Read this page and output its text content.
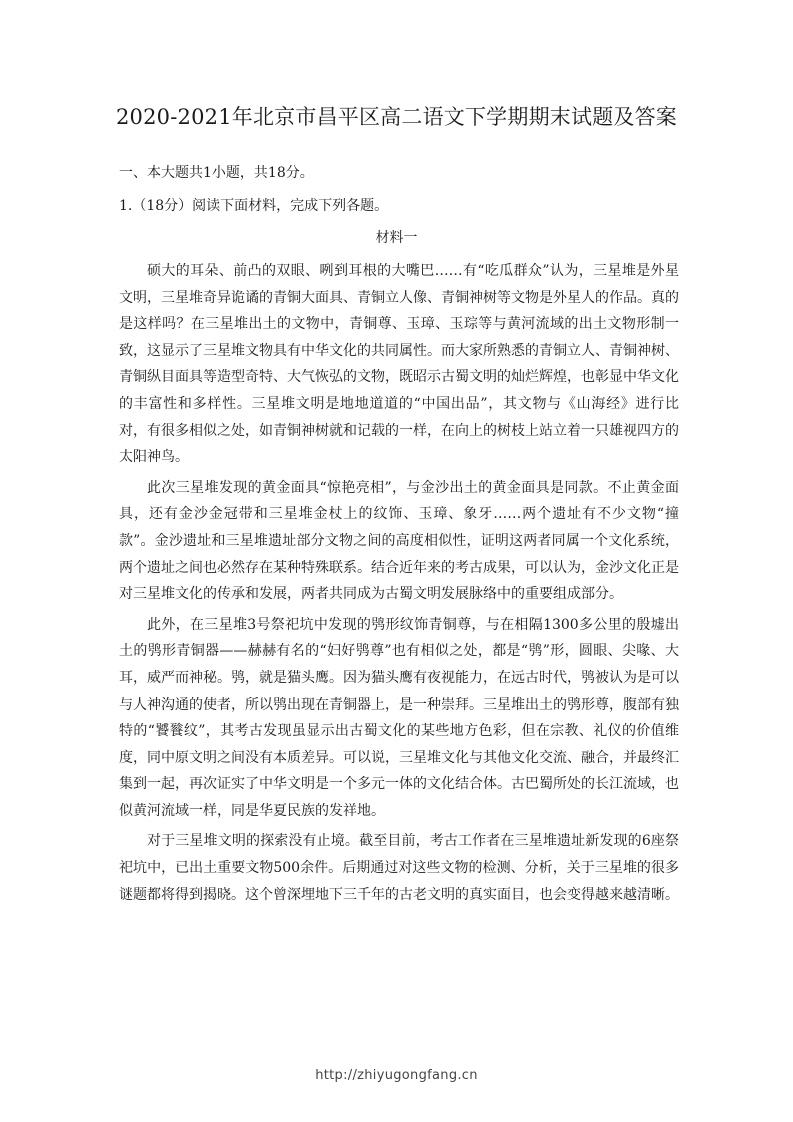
2020-2021年北京市昌平区高二语文下学期期末试题及答案
一、本大题共1小题，共18分。
1.（18分）阅读下面材料，完成下列各题。
材料一

硕大的耳朵、前凸的双眼、咧到耳根的大嘴巴……有“吃瓜群众”认为，三星堆是外星文明，三星堆奇异诡谲的青铜大面具、青铜立人像、青铜神树等文物是外星人的作品。真的是这样吗？在三星堆出土的文物中，青铜尊、玉璋、玉琮等与黄河流域的出土文物形制一致，这显示了三星堆文物具有中华文化的共同属性。而大家所熟悉的青铜立人、青铜神树、青铜纵目面具等造型奇特、大气恢弘的文物，既昭示古蜀文明的灿烂辉煌，也彰显中华文化的丰富性和多样性。三星堆文明是地地道道的“中国出品”，其文物与《山海经》进行比对，有很多相似之处，如青铜神树就和记载的一样，在向上的树枝上站立着一只雄视四方的太阳神鸟。

此次三星堆发现的黄金面具“惊艳亮相”，与金沙出土的黄金面具是同款。不止黄金面具，还有金沙金冠带和三星堆金杖上的纹饰、玉璋、象牙……两个遗址有不少文物“撞款”。金沙遗址和三星堆遗址部分文物之间的高度相似性，证明这两者同属一个文化系统，两个遗址之间也必然存在某种特殊联系。结合近年来的考古成果，可以认为，金沙文化正是对三星堆文化的传承和发展，两者共同成为古蜀文明发展脉络中的重要组成部分。

此外，在三星堆3号祭祀坑中发现的鸮形纹饰青铜尊，与在相隔1300多公里的殷墟出土的鸮形青铜器——赫赫有名的“妇好鸮尊”也有相似之处，都是“鸮”形，圆眼、尖喙、大耳，威严而神秘。鸮，就是猫头鹰。因为猫头鹰有夜视能力，在远古时代，鸮被认为是可以与人神沟通的使者，所以鸮出现在青铜器上，是一种崇拜。三星堆出土的鸮形尊，腹部有独特的“饕餮纹”，其考古发现虽显示出古蜀文化的某些地方色彩，但在宗教、礼仪的价值维度，同中原文明之间没有本质差异。可以说，三星堆文化与其他文化交流、融合，并最终汇集到一起，再次证实了中华文明是一个多元一体的文化结合体。古巴蜀所处的长江流域，也似黄河流域一样，同是华夏民族的发祥地。

对于三星堆文明的探索没有止境。截至目前，考古工作者在三星堆遗址新发现的6座祭祀坑中，已出土重要文物500余件。后期通过对这些文物的检测、分析，关于三星堆的很多谜题都将得到揭晓。这个曾深埋地下三千年的古老文明的真实面目，也会变得越来越清晰。

http://zhiyugongfang.cn
